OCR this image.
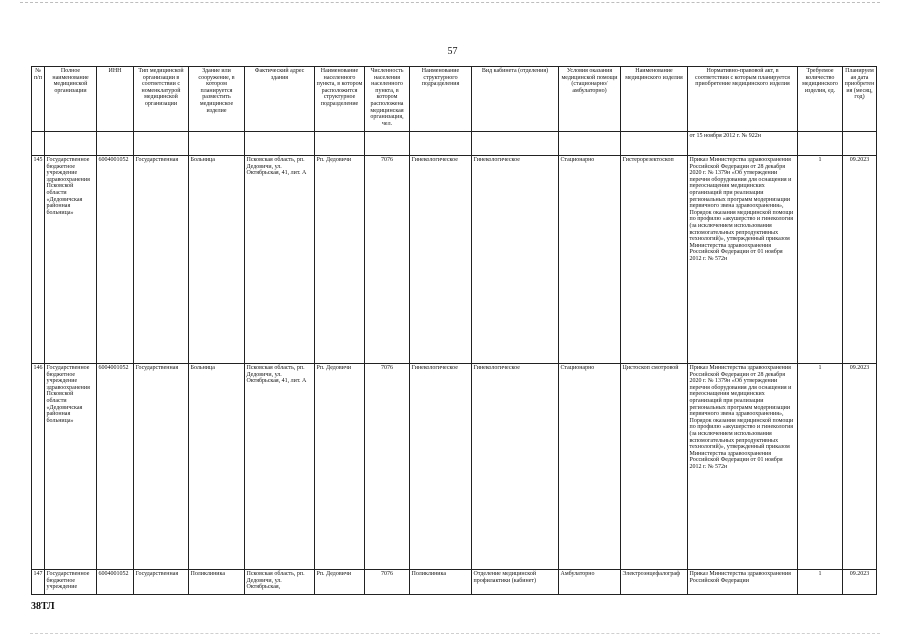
57
№ п/п	Полное наименование медицинской организации	ИНН	Тип медицинской организации в соответствии с номенклатурой медицинской организации	Здание или сооружение, в котором планируется разместить медицинское изделие	Фактический адрес здания	Наименование населенного пункта, в котором расположится структурное подразделение	Численность населения населенного пункта, в котором расположена медицинская организация, чел.	Наименование структурного подразделения	Вид кабинета (отделения)	Условия оказания медицинской помощи (стационарно/ амбулаторно)	Наименование медицинского изделия	Нормативно-правовой акт, в соответствии с которым планируется приобретение медицинского изделия	Требуемое количество медицинского изделия, ед.	Планируемая дата приобретения (месяц, год)
												от 15 ноября 2012 г. № 922н		
145	Государственное бюджетное учреждение здравоохранения Псковской области «Дедовичская районная больница»	6004001052	Государственная	Больница	Псковская область, рп. Дедовичи, ул. Октябрьская, 41, лит. А	Рп. Дедовичи	7076	Гинекологическое	Гинекологическое	Стационарно	Гистерорезектоскоп	Приказ Министерства здравоохранения Российской Федерации от 28 декабря 2020 г. № 1379н «Об утверждении перечня оборудования для оснащения и переоснащения медицинских организаций при реализации региональных программ модернизации первичного звена здравоохранения», Порядок оказания медицинской помощи по профилю «акушерство и гинекология (за исключением использования вспомогательных репродуктивных технологий)», утвержденный приказом Министерства здравоохранения Российской Федерации от 01 ноября 2012 г. № 572н	1	09.2023
146	Государственное бюджетное учреждение здравоохранения Псковской области «Дедовичская районная больница»	6004001052	Государственная	Больница	Псковская область, рп. Дедовичи, ул. Октябрьская, 41, лит. А	Рп. Дедовичи	7076	Гинекологическое	Гинекологическое	Стационарно	Цистоскоп смотровой	Приказ Министерства здравоохранения Российской Федерации от 28 декабря 2020 г. № 1379н «Об утверждении перечня оборудования для оснащения и переоснащения медицинских организаций при реализации региональных программ модернизации первичного звена здравоохранения», Порядок оказания медицинской помощи по профилю «акушерство и гинекология (за исключением использования вспомогательных репродуктивных технологий)», утвержденный приказом Министерства здравоохранения Российской Федерации от 01 ноября 2012 г. № 572н	1	09.2023
147	Государственное бюджетное учреждение	6004001052	Государственная	Поликлиника	Псковская область, рп. Дедовичи, ул. Октябрьская,	Рп. Дедовичи	7076	Поликлиника	Отделение медицинской профилактики (кабинет)	Амбулаторно	Электроэнцефалограф	Приказ Министерства здравоохранения Российской Федерации	1	09.2023
38ТЛ
